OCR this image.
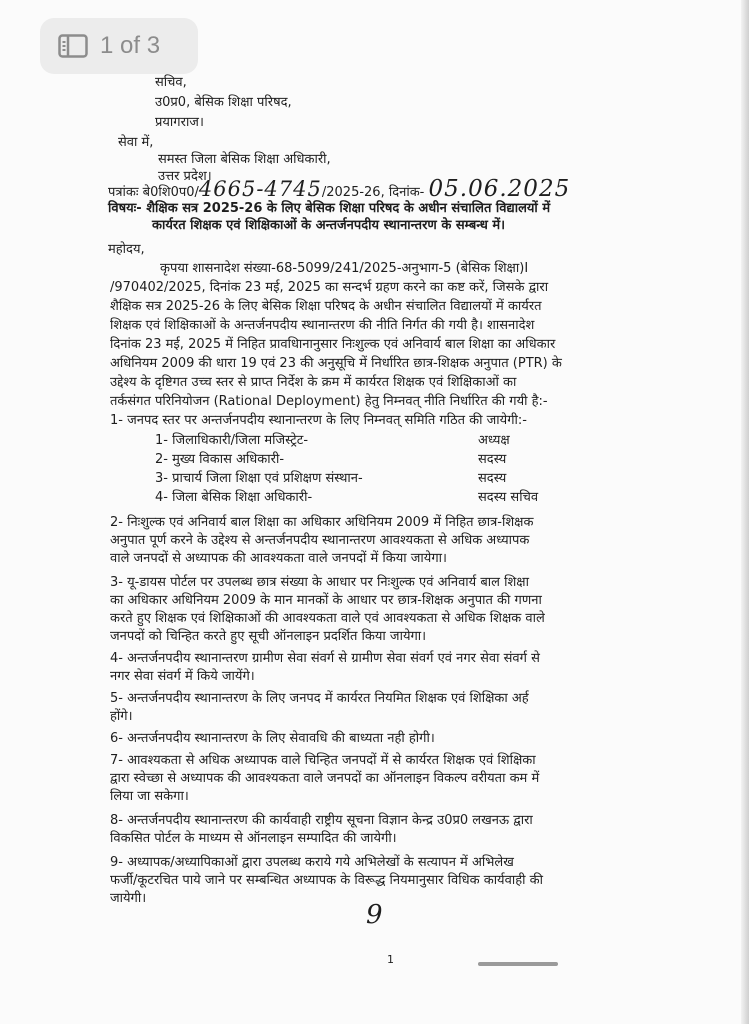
1 of 3
सचिव,
उ0प्र0, बेसिक शिक्षा परिषद,
प्रयागराज।
सेवा में,
समस्त जिला बेसिक शिक्षा अधिकारी,
उत्तर प्रदेश।
पत्रांकः बे0शि0प0/4665-4745/2025-26, दिनांक- 05.06.2025
विषयः- शैक्षिक सत्र 2025-26 के लिए बेसिक शिक्षा परिषद के अधीन संचालित विद्यालयों में
कार्यरत शिक्षक एवं शिक्षिकाओं के अन्तर्जनपदीय स्थानान्तरण के सम्बन्ध में।
महोदय,
कृपया शासनादेश संख्या-68-5099/241/2025-अनुभाग-5 (बेसिक शिक्षा)I
/970402/2025, दिनांक 23 मई, 2025 का सन्दर्भ ग्रहण करने का कष्ट करें, जिसके द्वारा
शैक्षिक सत्र 2025-26 के लिए बेसिक शिक्षा परिषद के अधीन संचालित विद्यालयों में कार्यरत
शिक्षक एवं शिक्षिकाओं के अन्तर्जनपदीय स्थानान्तरण की नीति निर्गत की गयी है। शासनादेश
दिनांक 23 मई, 2025 में निहित प्रावधिानानुसार निःशुल्क एवं अनिवार्य बाल शिक्षा का अधिकार
अधिनियम 2009 की धारा 19 एवं 23 की अनुसूचि में निर्धारित छात्र-शिक्षक अनुपात (PTR) के
उद्देश्य के दृष्टिगत उच्च स्तर से प्राप्त निर्देश के क्रम में कार्यरत शिक्षक एवं शिक्षिकाओं का
तर्कसंगत परिनियोजन (Rational Deployment) हेतु निम्नवत् नीति निर्धारित की गयी है:-
1- जनपद स्तर पर अन्तर्जनपदीय स्थानान्तरण के लिए निम्नवत् समिति गठित की जायेगी:-
1- जिलाधिकारी/जिला मजिस्ट्रेट-	अध्यक्ष
2- मुख्य विकास अधिकारी-	सदस्य
3- प्राचार्य जिला शिक्षा एवं प्रशिक्षण संस्थान-	सदस्य
4- जिला बेसिक शिक्षा अधिकारी-	सदस्य सचिव
2- निःशुल्क एवं अनिवार्य बाल शिक्षा का अधिकार अधिनियम 2009 में निहित छात्र-शिक्षक
अनुपात पूर्ण करने के उद्देश्य से अन्तर्जनपदीय स्थानान्तरण आवश्यकता से अधिक अध्यापक
वाले जनपदों से अध्यापक की आवश्यकता वाले जनपदों में किया जायेगा।
3- यू-डायस पोर्टल पर उपलब्ध छात्र संख्या के आधार पर निःशुल्क एवं अनिवार्य बाल शिक्षा
का अधिकार अधिनियम 2009 के मान मानकों के आधार पर छात्र-शिक्षक अनुपात की गणना
करते हुए शिक्षक एवं शिक्षिकाओं की आवश्यकता वाले एवं आवश्यकता से अधिक शिक्षक वाले
जनपदों को चिन्हित करते हुए सूची ऑनलाइन प्रदर्शित किया जायेगा।
4- अन्तर्जनपदीय स्थानान्तरण ग्रामीण सेवा संवर्ग से ग्रामीण सेवा संवर्ग एवं नगर सेवा संवर्ग से
नगर सेवा संवर्ग में किये जायेंगे।
5- अन्तर्जनपदीय स्थानान्तरण के लिए जनपद में कार्यरत नियमित शिक्षक एवं शिक्षिका अर्ह
होंगे।
6- अन्तर्जनपदीय स्थानान्तरण के लिए सेवावधि की बाध्यता नही होगी।
7- आवश्यकता से अधिक अध्यापक वाले चिन्हित जनपदों में से कार्यरत शिक्षक एवं शिक्षिका
द्वारा स्वेच्छा से अध्यापक की आवश्यकता वाले जनपदों का ऑनलाइन विकल्प वरीयता कम में
लिया जा सकेगा।
8- अन्तर्जनपदीय स्थानान्तरण की कार्यवाही राष्ट्रीय सूचना विज्ञान केन्द्र उ0प्र0 लखनऊ द्वारा
विकसित पोर्टल के माध्यम से ऑनलाइन सम्पादित की जायेगी।
9- अध्यापक/अध्यापिकाओं द्वारा उपलब्ध कराये गये अभिलेखों के सत्यापन में अभिलेख
फर्जी/कूटरचित पाये जाने पर सम्बन्धित अध्यापक के विरूद्ध नियमानुसार विधिक कार्यवाही की
जायेगी।
9
1
